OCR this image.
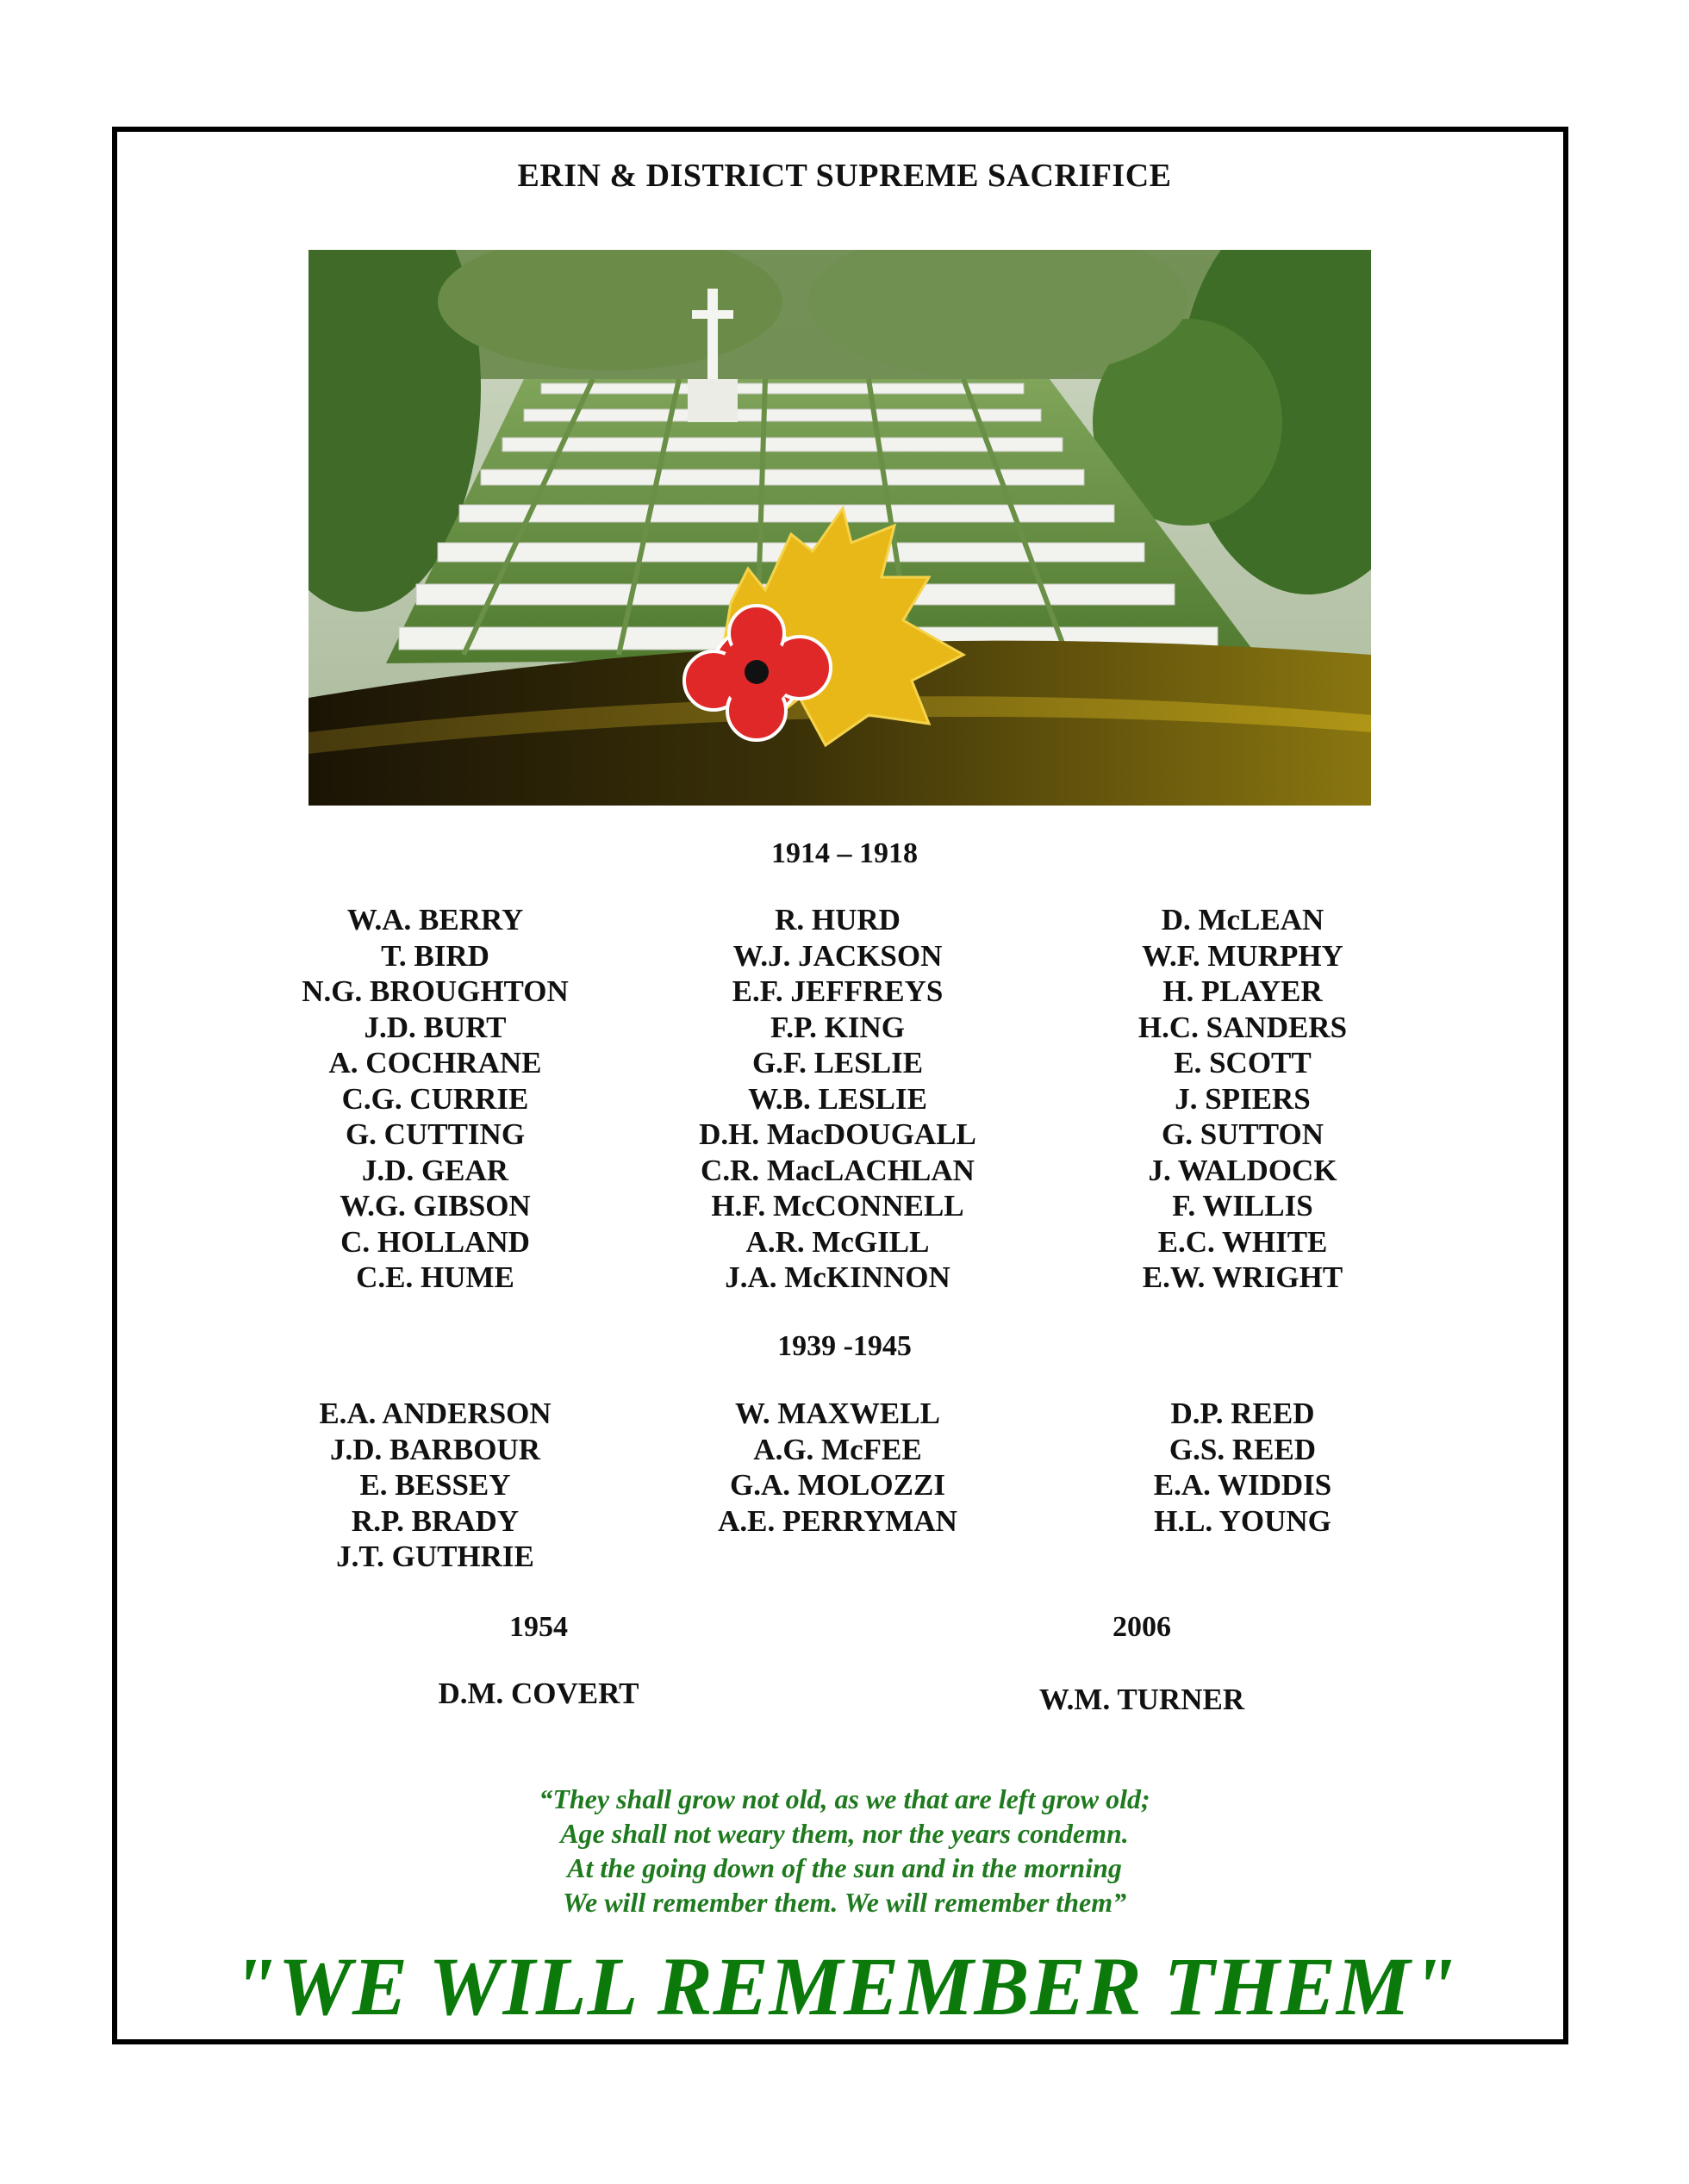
ERIN & DISTRICT SUPREME SACRIFICE
1914 – 1918
W.A. BERRY
T. BIRD
N.G. BROUGHTON
J.D. BURT
A. COCHRANE
C.G. CURRIE
G. CUTTING
J.D. GEAR
W.G. GIBSON
C. HOLLAND
C.E. HUME
R. HURD
W.J. JACKSON
E.F. JEFFREYS
F.P. KING
G.F. LESLIE
W.B. LESLIE
D.H. MacDOUGALL
C.R. MacLACHLAN
H.F. McCONNELL
A.R. McGILL
J.A. McKINNON
D. McLEAN
W.F. MURPHY
H. PLAYER
H.C. SANDERS
E. SCOTT
J. SPIERS
G. SUTTON
J. WALDOCK
F. WILLIS
E.C. WHITE
E.W. WRIGHT
1939 -1945
E.A. ANDERSON
J.D. BARBOUR
E. BESSEY
R.P. BRADY
J.T. GUTHRIE
W. MAXWELL
A.G. McFEE
G.A. MOLOZZI
A.E. PERRYMAN
D.P. REED
G.S. REED
E.A. WIDDIS
H.L. YOUNG
1954
D.M. COVERT
2006
W.M. TURNER
“They shall grow not old, as we that are left grow old;
Age shall not weary them, nor the years condemn.
At the going down of the sun and in the morning
We will remember them. We will remember them”
"WE WILL REMEMBER THEM"
